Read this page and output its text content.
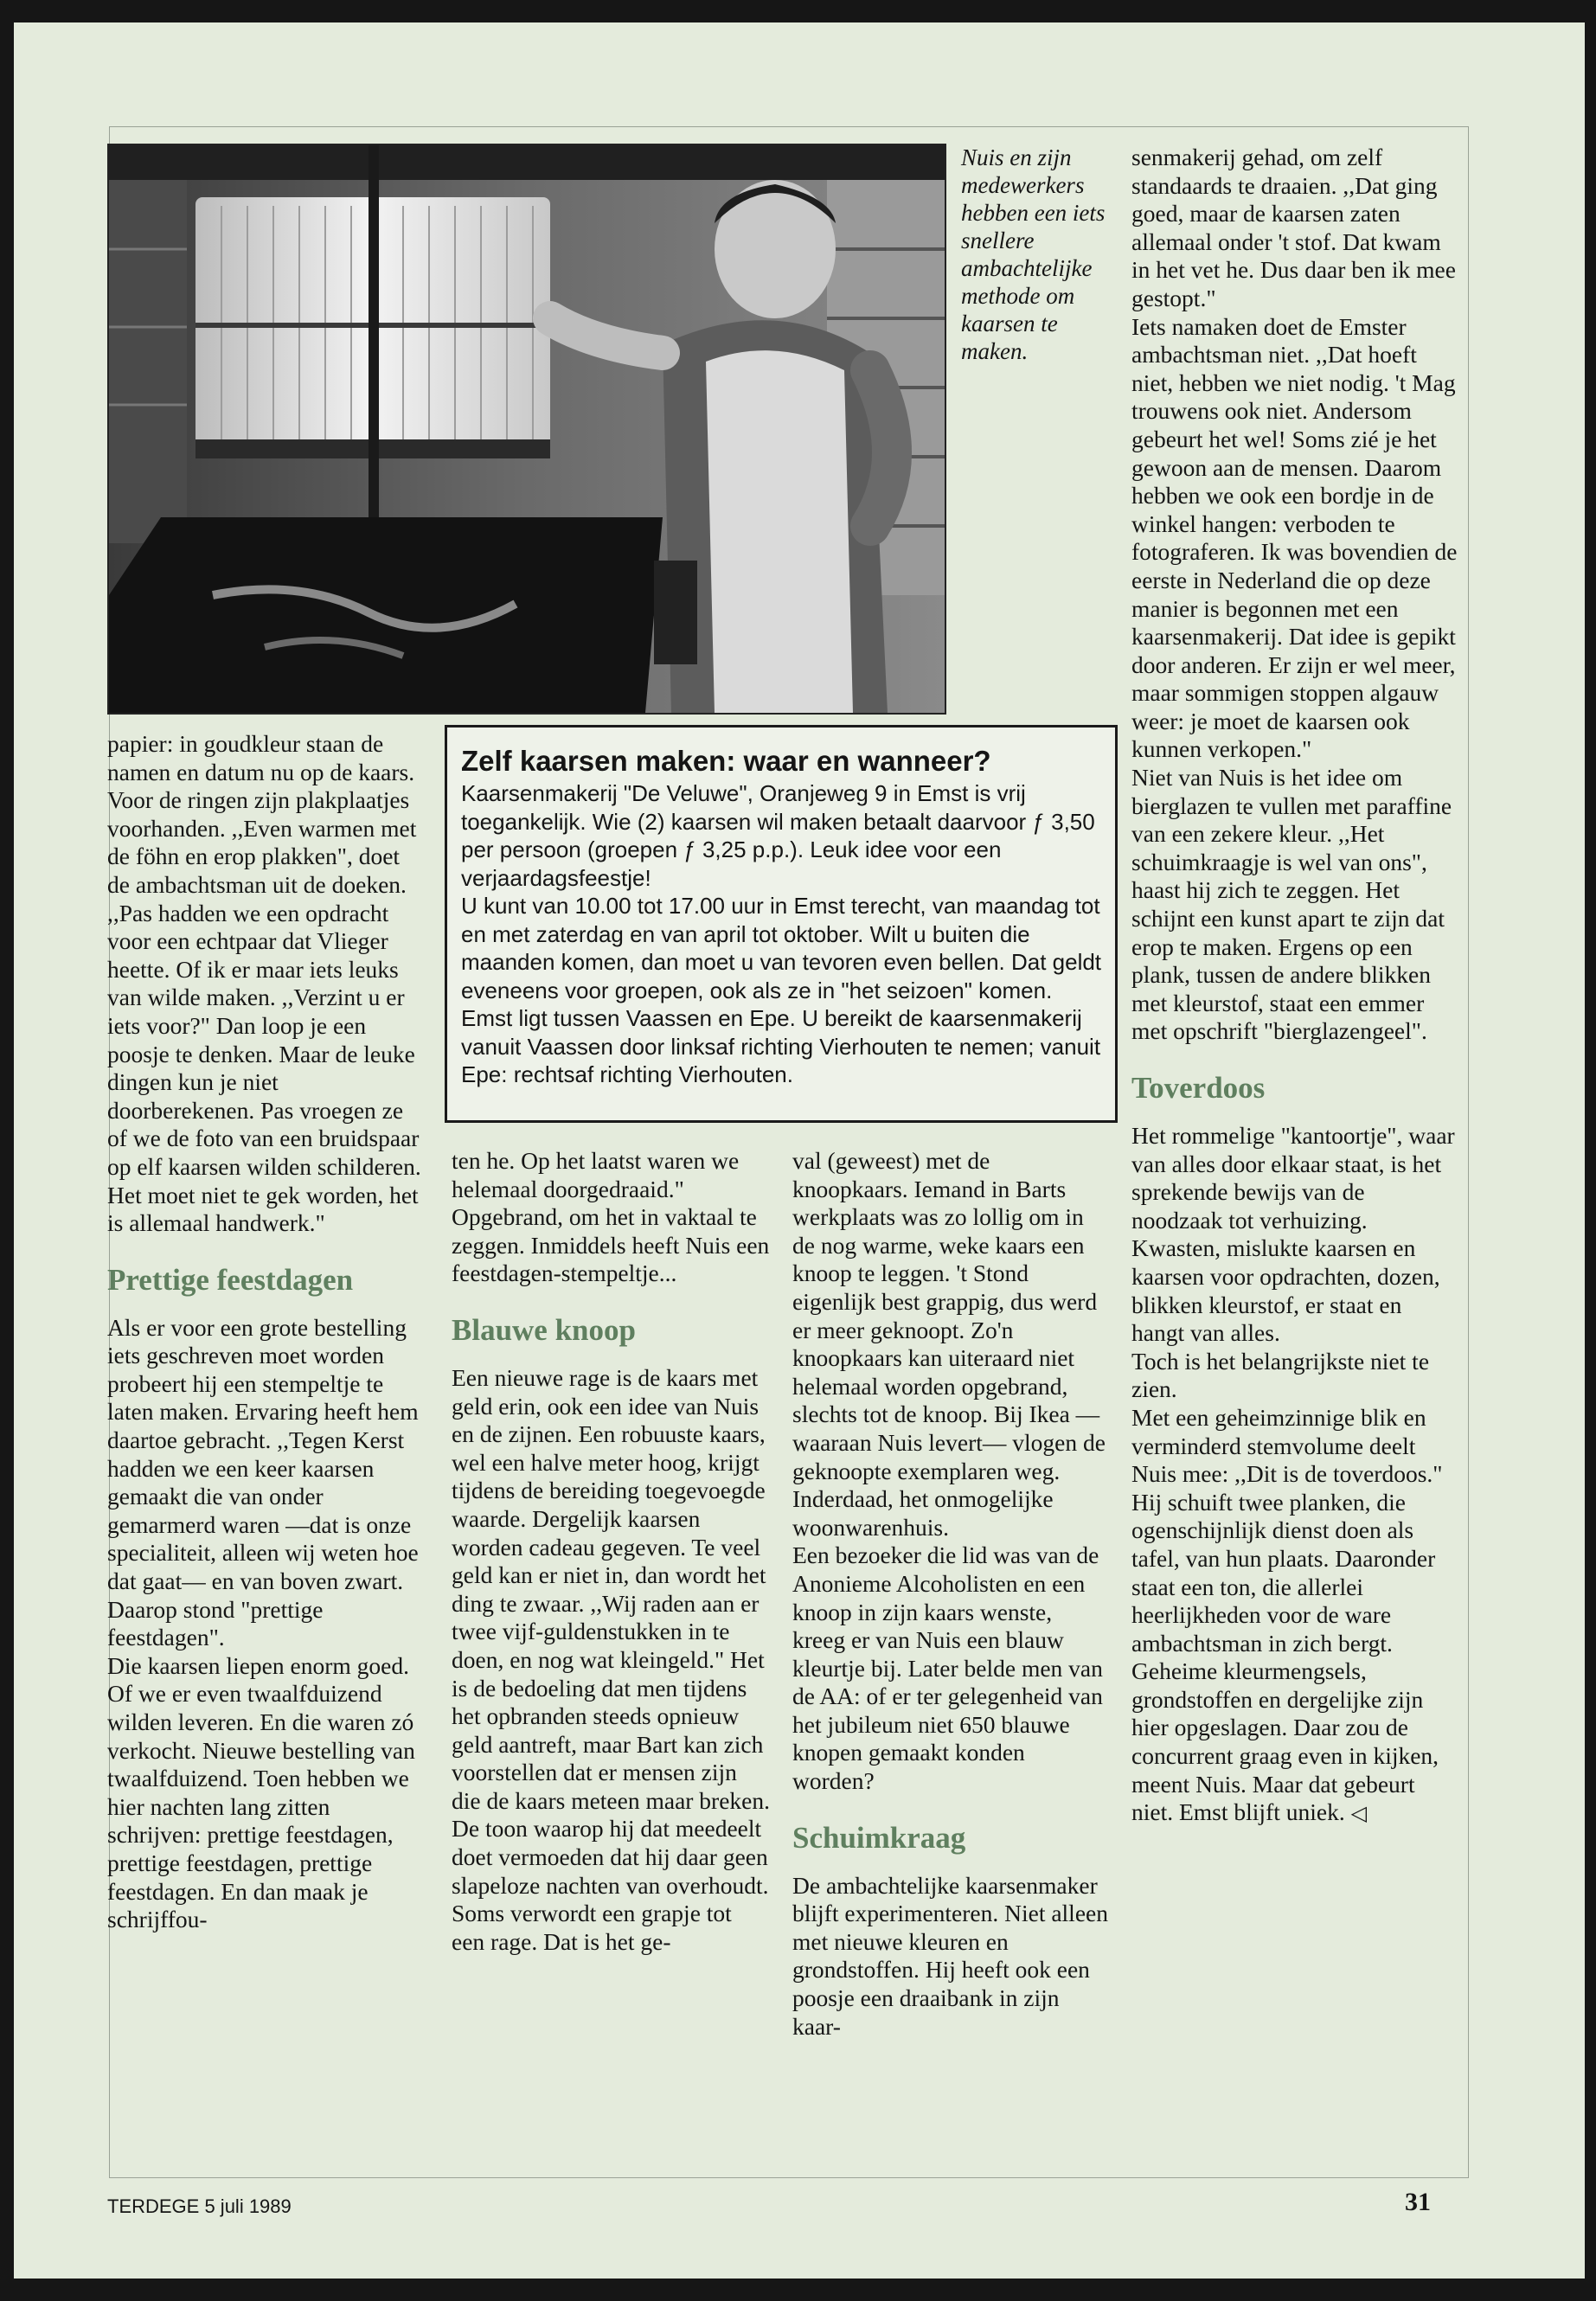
Nuis en zijn medewerkers hebben een iets snellere ambachtelijke methode om kaarsen te maken.
Zelf kaarsen maken: waar en wanneer?

Kaarsenmakerij "De Veluwe", Oranjeweg 9 in Emst is vrij toegankelijk. Wie (2) kaarsen wil maken betaalt daarvoor ƒ 3,50 per persoon (groepen ƒ 3,25 p.p.). Leuk idee voor een verjaardagsfeestje!

U kunt van 10.00 tot 17.00 uur in Emst terecht, van maandag tot en met zaterdag en van april tot oktober. Wilt u buiten die maanden komen, dan moet u van tevoren even bellen. Dat geldt eveneens voor groepen, ook als ze in "het seizoen" komen.

Emst ligt tussen Vaassen en Epe. U bereikt de kaarsenmakerij vanuit Vaassen door linksaf richting Vierhouten te nemen; vanuit Epe: rechtsaf richting Vierhouten.

papier: in goudkleur staan de namen en datum nu op de kaars. Voor de ringen zijn plakplaatjes voorhanden. ,,Even warmen met de föhn en erop plakken", doet de ambachtsman uit de doeken.

,,Pas hadden we een opdracht voor een echtpaar dat Vlieger heette. Of ik er maar iets leuks van wilde maken. ,,Verzint u er iets voor?" Dan loop je een poosje te denken. Maar de leuke dingen kun je niet doorberekenen. Pas vroegen ze of we de foto van een bruidspaar op elf kaarsen wilden schilderen. Het moet niet te gek worden, het is allemaal handwerk."

Prettige feestdagen

Als er voor een grote bestelling iets geschreven moet worden probeert hij een stempeltje te laten maken. Ervaring heeft hem daartoe gebracht. ,,Tegen Kerst hadden we een keer kaarsen gemaakt die van onder gemarmerd waren —dat is onze specialiteit, alleen wij weten hoe dat gaat— en van boven zwart. Daarop stond "prettige feestdagen".

Die kaarsen liepen enorm goed. Of we er even twaalfduizend wilden leveren. En die waren zó verkocht. Nieuwe bestelling van twaalfduizend. Toen hebben we hier nachten lang zitten schrijven: prettige feestdagen, prettige feestdagen, prettige feestdagen. En dan maak je schrijffou-

ten he. Op het laatst waren we helemaal doorgedraaid." Opgebrand, om het in vaktaal te zeggen. Inmiddels heeft Nuis een feestdagen-stempeltje...

Blauwe knoop

Een nieuwe rage is de kaars met geld erin, ook een idee van Nuis en de zijnen. Een robuuste kaars, wel een halve meter hoog, krijgt tijdens de bereiding toegevoegde waarde. Dergelijk kaarsen worden cadeau gegeven. Te veel geld kan er niet in, dan wordt het ding te zwaar. ,,Wij raden aan er twee vijf-guldenstukken in te doen, en nog wat kleingeld." Het is de bedoeling dat men tijdens het opbranden steeds opnieuw geld aantreft, maar Bart kan zich voorstellen dat er mensen zijn die de kaars meteen maar breken. De toon waarop hij dat meedeelt doet vermoeden dat hij daar geen slapeloze nachten van overhoudt.

Soms verwordt een grapje tot een rage. Dat is het ge-

val (geweest) met de knoopkaars. Iemand in Barts werkplaats was zo lollig om in de nog warme, weke kaars een knoop te leggen. 't Stond eigenlijk best grappig, dus werd er meer geknoopt. Zo'n knoopkaars kan uiteraard niet helemaal worden opgebrand, slechts tot de knoop. Bij Ikea —waaraan Nuis levert— vlogen de geknoopte exemplaren weg. Inderdaad, het onmogelijke woonwarenhuis.

Een bezoeker die lid was van de Anonieme Alcoholisten en een knoop in zijn kaars wenste, kreeg er van Nuis een blauw kleurtje bij. Later belde men van de AA: of er ter gelegenheid van het jubileum niet 650 blauwe knopen gemaakt konden worden?

Schuimkraag

De ambachtelijke kaarsenmaker blijft experimenteren. Niet alleen met nieuwe kleuren en grondstoffen. Hij heeft ook een poosje een draaibank in zijn kaar-

senmakerij gehad, om zelf standaards te draaien. ,,Dat ging goed, maar de kaarsen zaten allemaal onder 't stof. Dat kwam in het vet he. Dus daar ben ik mee gestopt."

Iets namaken doet de Emster ambachtsman niet. ,,Dat hoeft niet, hebben we niet nodig. 't Mag trouwens ook niet. Andersom gebeurt het wel! Soms zié je het gewoon aan de mensen. Daarom hebben we ook een bordje in de winkel hangen: verboden te fotograferen. Ik was bovendien de eerste in Nederland die op deze manier is begonnen met een kaarsenmakerij. Dat idee is gepikt door anderen. Er zijn er wel meer, maar sommigen stoppen algauw weer: je moet de kaarsen ook kunnen verkopen."

Niet van Nuis is het idee om bierglazen te vullen met paraffine van een zekere kleur. ,,Het schuimkraagje is wel van ons", haast hij zich te zeggen. Het schijnt een kunst apart te zijn dat erop te maken. Ergens op een plank, tussen de andere blikken met kleurstof, staat een emmer met opschrift "bierglazengeel".

Toverdoos

Het rommelige "kantoortje", waar van alles door elkaar staat, is het sprekende bewijs van de noodzaak tot verhuizing. Kwasten, mislukte kaarsen en kaarsen voor opdrachten, dozen, blikken kleurstof, er staat en hangt van alles.

Toch is het belangrijkste niet te zien.

Met een geheimzinnige blik en verminderd stemvolume deelt Nuis mee: ,,Dit is de toverdoos." Hij schuift twee planken, die ogenschijnlijk dienst doen als tafel, van hun plaats. Daaronder staat een ton, die allerlei heerlijkheden voor de ware ambachtsman in zich bergt. Geheime kleurmengsels, grondstoffen en dergelijke zijn hier opgeslagen. Daar zou de concurrent graag even in kijken, meent Nuis. Maar dat gebeurt niet. Emst blijft uniek. ◁

TERDEGE 5 juli 1989	31
